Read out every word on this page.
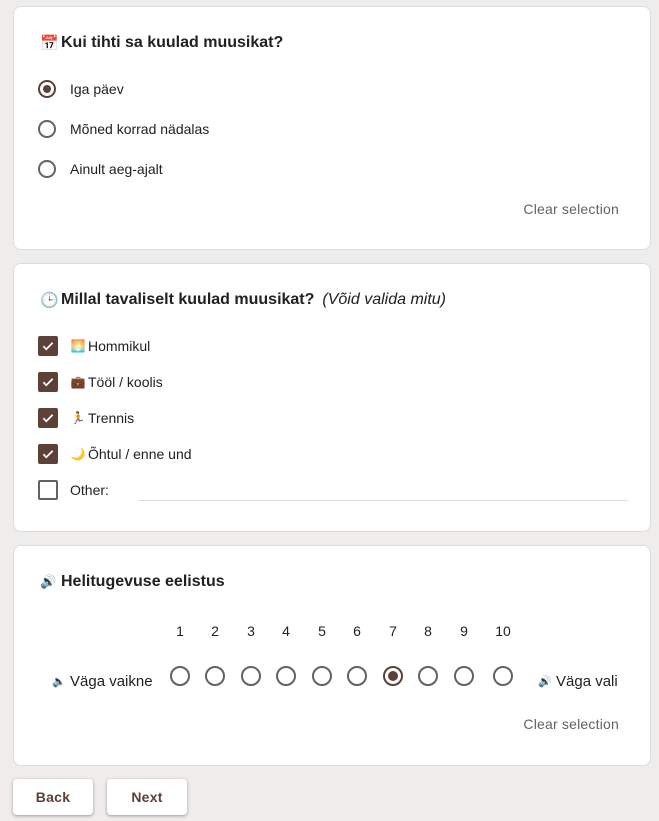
📅 Kui tihti sa kuulad muusikat?
Iga päev
Mõned korrad nädalas
Ainult aeg-ajalt
Clear selection
🕒 Millal tavaliselt kuulad muusikat? (Võid valida mitu)
🌅 Hommikul
💼 Tööl / koolis
🏃 Trennis
🌙 Õhtul / enne und
Other:
🔊 Helitugevuse eelistus
1	2	3	4	5	6	7	8	9	10
🔈 Väga vaikne	🔊 Väga vali
Clear selection
Back	Next
